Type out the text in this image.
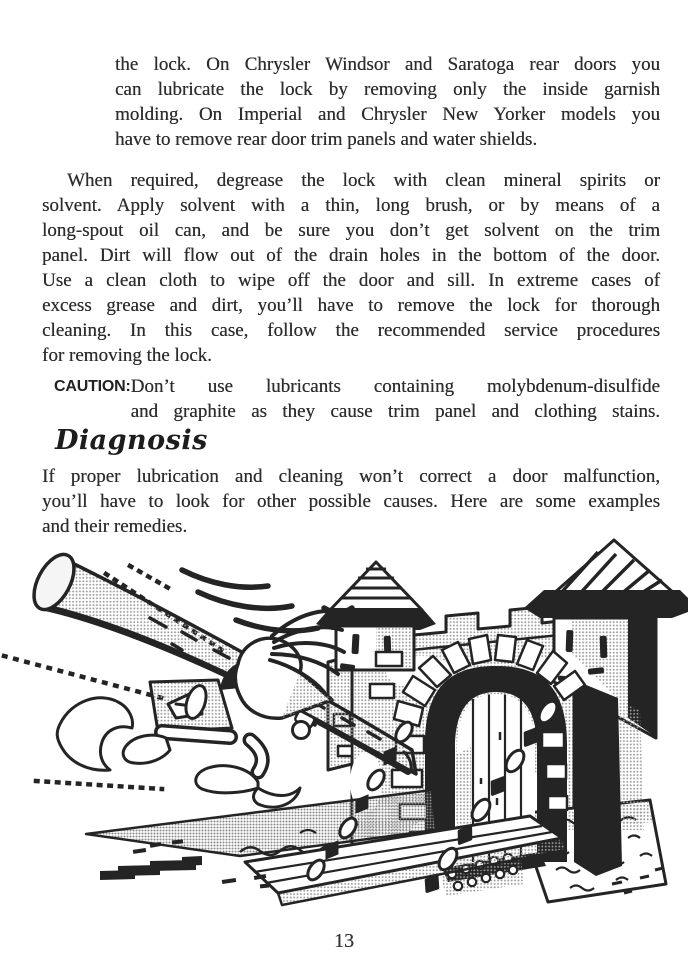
the lock. On Chrysler Windsor and Saratoga rear doors you
can lubricate the lock by removing only the inside garnish
molding. On Imperial and Chrysler New Yorker models you
have to remove rear door trim panels and water shields.
When required, degrease the lock with clean mineral spirits or
solvent. Apply solvent with a thin, long brush, or by means of a
long-spout oil can, and be sure you don’t get solvent on the trim
panel. Dirt will flow out of the drain holes in the bottom of the door.
Use a clean cloth to wipe off the door and sill. In extreme cases of
excess grease and dirt, you’ll have to remove the lock for thorough
cleaning. In this case, follow the recommended service procedures
for removing the lock.
CAUTION: Don’t use lubricants containing molybdenum-disulfide
and graphite as they cause trim panel and clothing stains.
Diagnosis
If proper lubrication and cleaning won’t correct a door malfunction,
you’ll have to look for other possible causes. Here are some examples
and their remedies.
13
